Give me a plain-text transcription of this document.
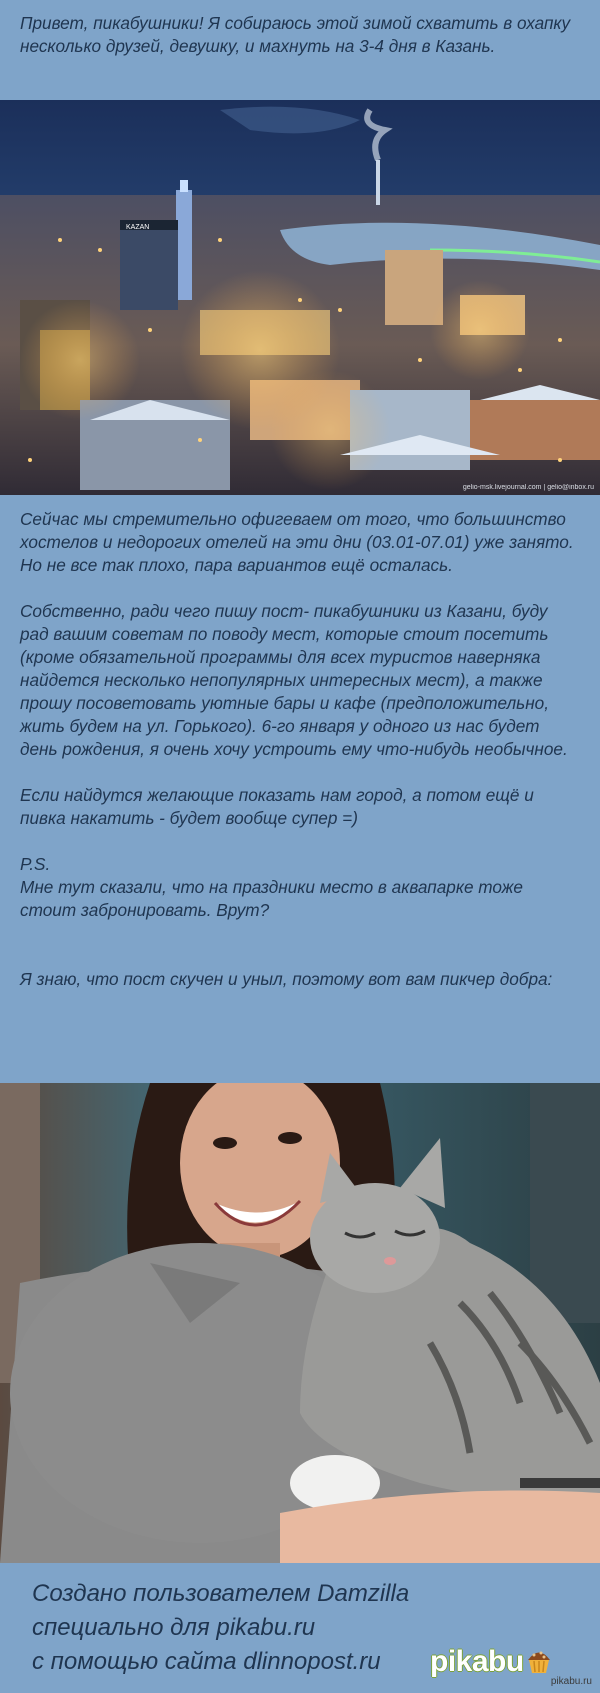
Привет, пикабушники! Я собираюсь этой зимой схватить в охапку несколько друзей, девушку, и махнуть на 3-4 дня в Казань.
KAZAN
gelio-msk.livejournal.com | gelio@inbox.ru
Сейчас мы стремительно офигеваем от того, что большинство хостелов и недорогих отелей на эти дни (03.01-07.01) уже занято. Но не все так плохо, пара вариантов ещё осталась.
Собственно, ради чего пишу пост- пикабушники из Казани, буду рад вашим советам по поводу мест, которые стоит посетить (кроме обязательной программы для всех туристов наверняка найдется несколько непопулярных интересных мест), а также прошу посоветовать уютные бары и кафе (предположительно, жить будем на ул. Горького). 6-го января у одного из нас будет день рождения, я очень хочу устроить ему что-нибудь необычное.
Если найдутся желающие показать нам город, а потом ещё и пивка накатить - будет вообще супер =)
P.S.
Мне тут сказали, что на праздники место в аквапарке тоже стоит забронировать. Врут?
Я знаю, что пост скучен и уныл, поэтому вот вам пикчер добра:
Создано пользователем Damzilla
специально для pikabu.ru
с помощью сайта dlinnopost.ru	pikabu
pikabu.ru
